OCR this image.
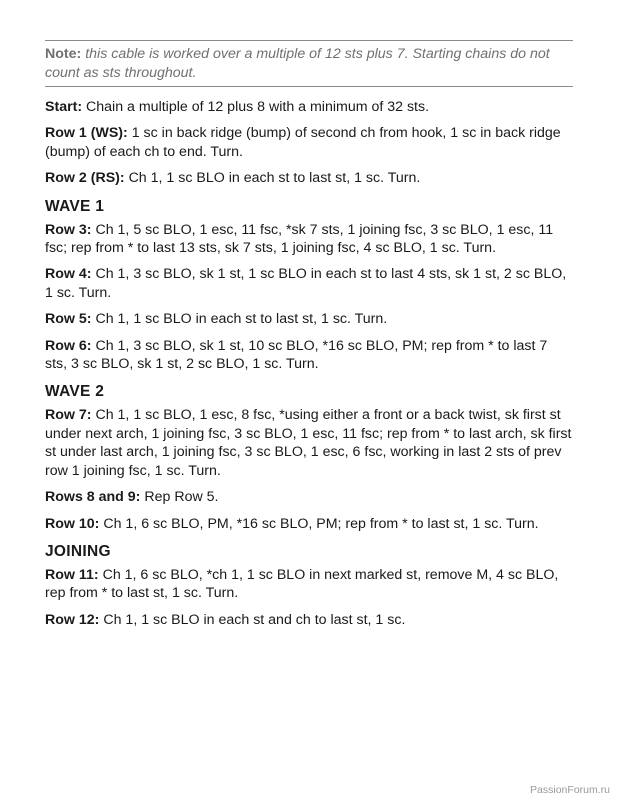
Note: this cable is worked over a multiple of 12 sts plus 7. Starting chains do not count as sts throughout.

Start: Chain a multiple of 12 plus 8 with a minimum of 32 sts.

Row 1 (WS): 1 sc in back ridge (bump) of second ch from hook, 1 sc in back ridge (bump) of each ch to end. Turn.

Row 2 (RS): Ch 1, 1 sc BLO in each st to last st, 1 sc. Turn.

WAVE 1

Row 3: Ch 1, 5 sc BLO, 1 esc, 11 fsc, *sk 7 sts, 1 joining fsc, 3 sc BLO, 1 esc, 11 fsc; rep from * to last 13 sts, sk 7 sts, 1 joining fsc, 4 sc BLO, 1 sc. Turn.

Row 4: Ch 1, 3 sc BLO, sk 1 st, 1 sc BLO in each st to last 4 sts, sk 1 st, 2 sc BLO, 1 sc. Turn.

Row 5: Ch 1, 1 sc BLO in each st to last st, 1 sc. Turn.

Row 6: Ch 1, 3 sc BLO, sk 1 st, 10 sc BLO, *16 sc BLO, PM; rep from * to last 7 sts, 3 sc BLO, sk 1 st, 2 sc BLO, 1 sc. Turn.

WAVE 2

Row 7: Ch 1, 1 sc BLO, 1 esc, 8 fsc, *using either a front or a back twist, sk first st under next arch, 1 joining fsc, 3 sc BLO, 1 esc, 11 fsc; rep from * to last arch, sk first st under last arch, 1 joining fsc, 3 sc BLO, 1 esc, 6 fsc, working in last 2 sts of prev row 1 joining fsc, 1 sc. Turn.

Rows 8 and 9: Rep Row 5.

Row 10: Ch 1, 6 sc BLO, PM, *16 sc BLO, PM; rep from * to last st, 1 sc. Turn.

JOINING

Row 11: Ch 1, 6 sc BLO, *ch 1, 1 sc BLO in next marked st, remove M, 4 sc BLO, rep from * to last st, 1 sc. Turn.

Row 12: Ch 1, 1 sc BLO in each st and ch to last st, 1 sc.

PassionForum.ru
